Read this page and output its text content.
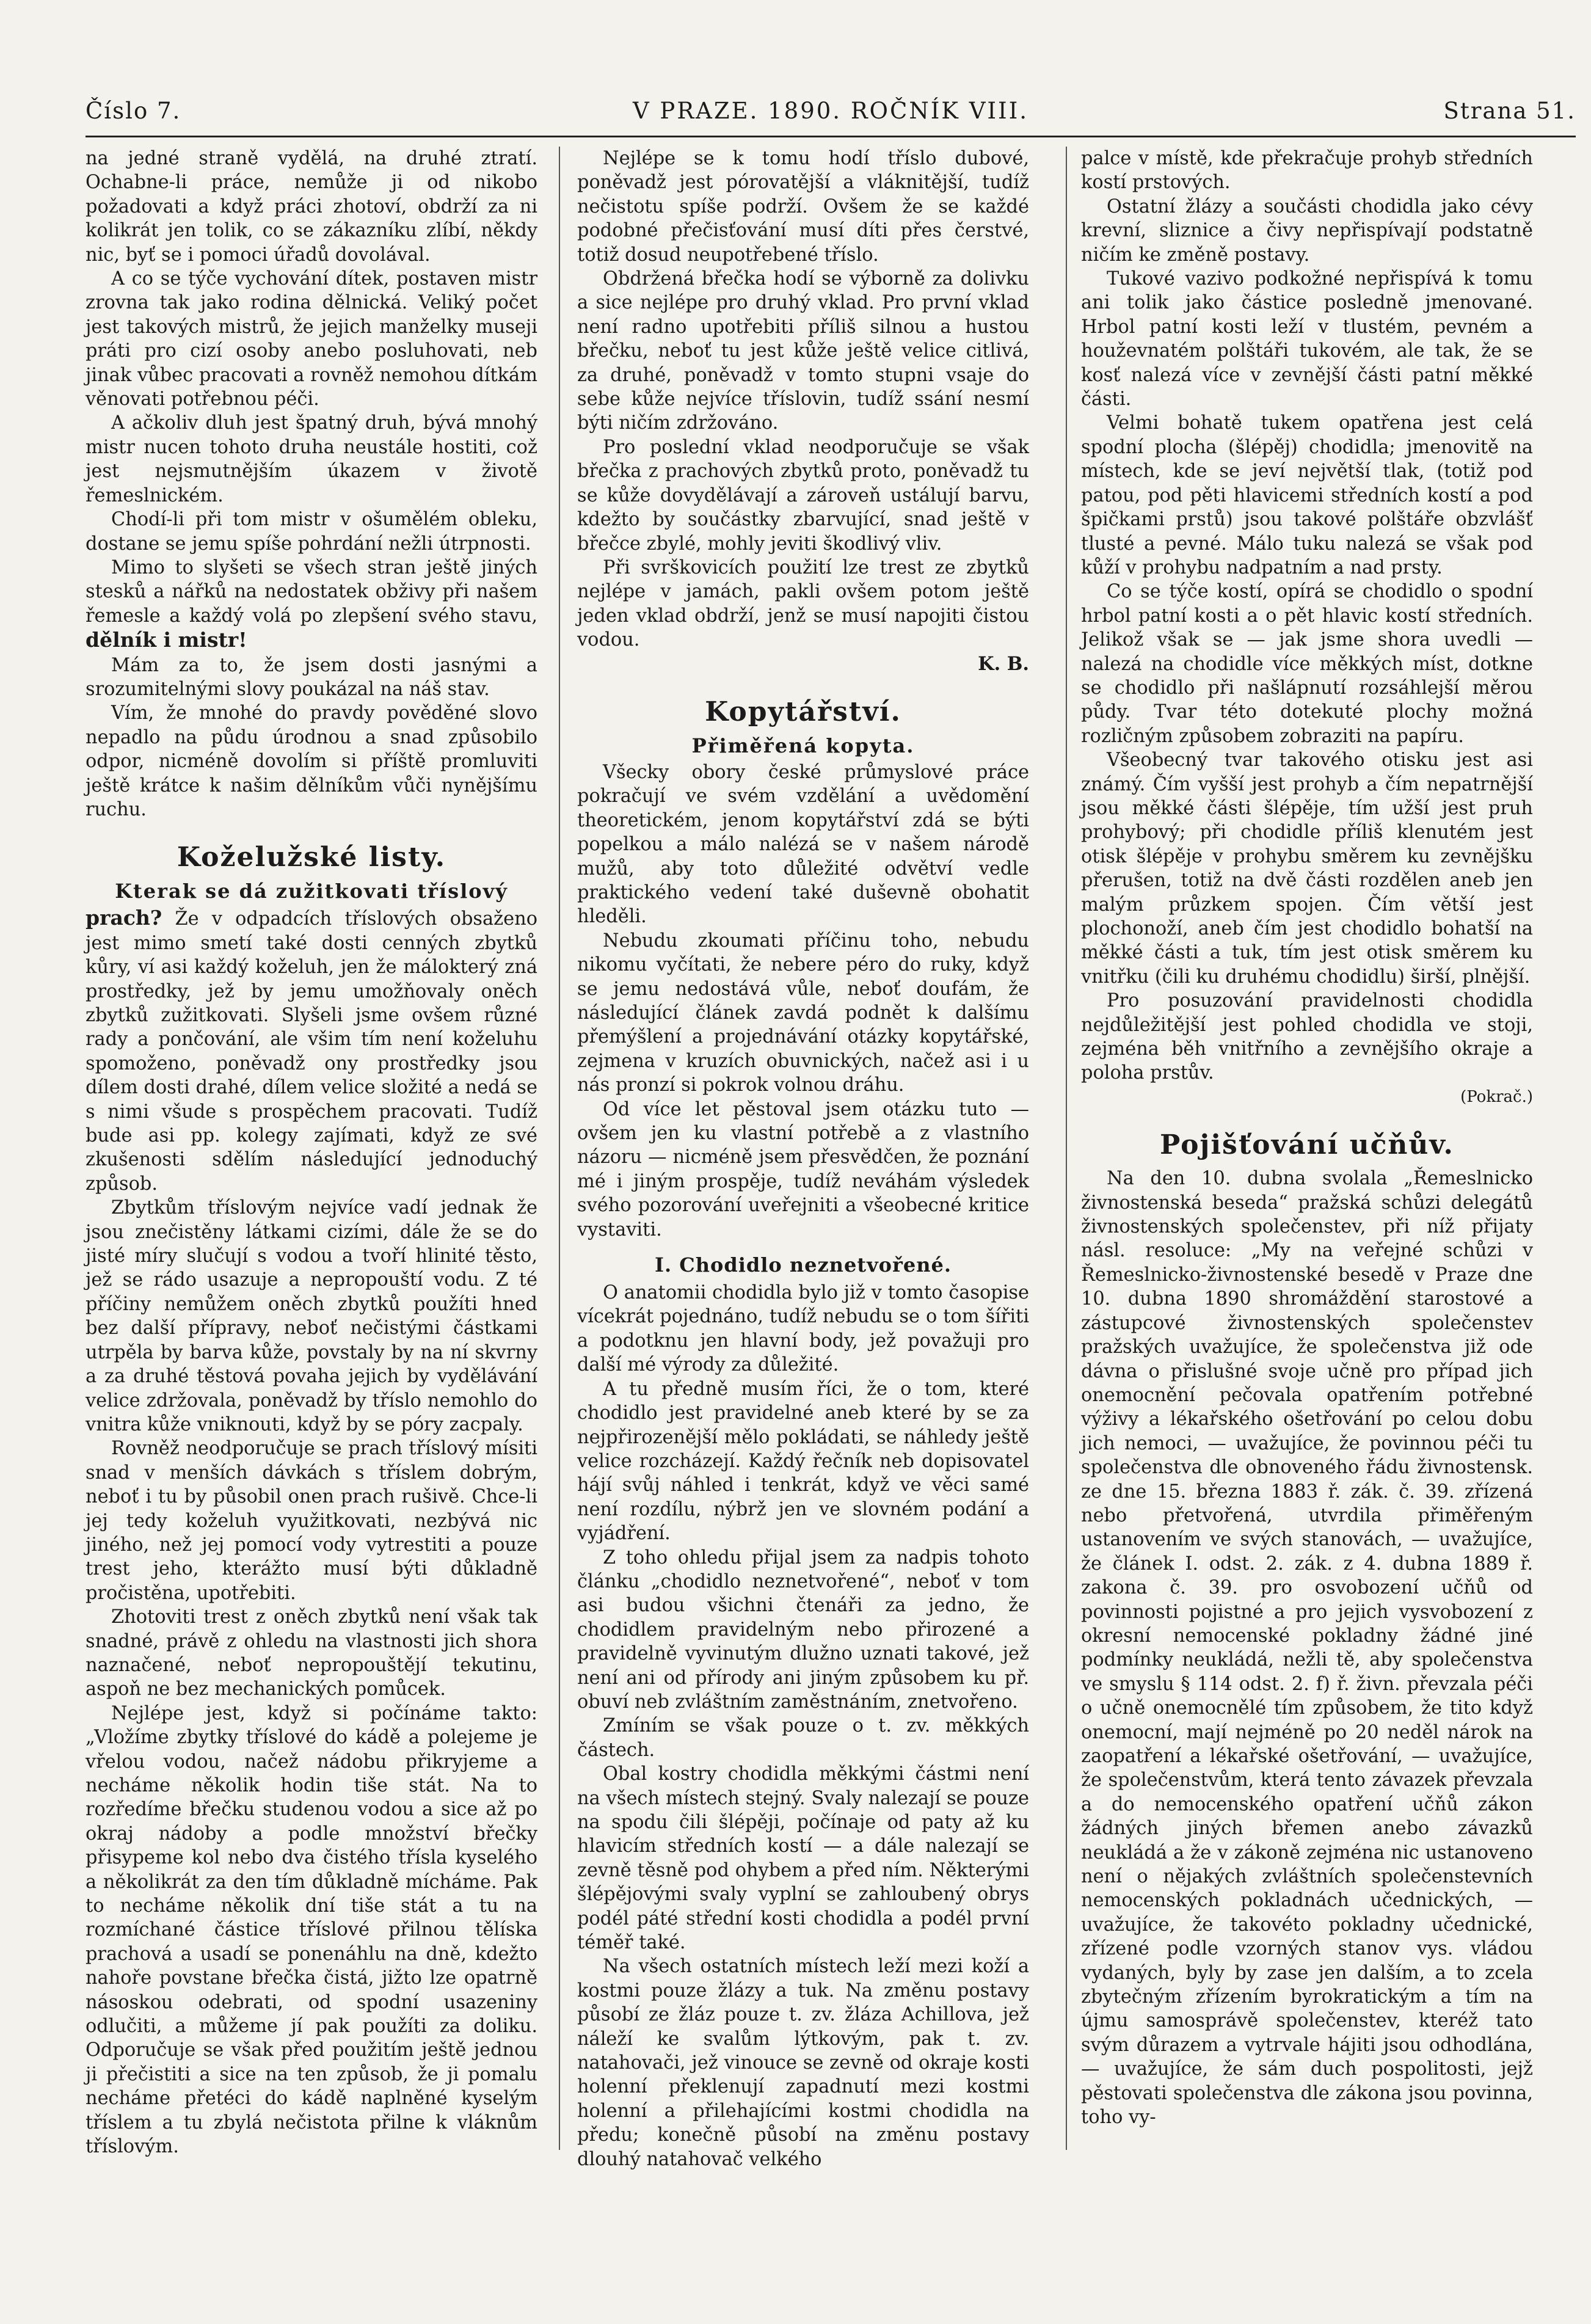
Číslo 7.	V PRAZE. 1890. ROČNÍK VIII.	Strana 51.

na jedné straně vydělá, na druhé ztratí. Ochabne-li práce, nemůže ji od nikobo požadovati a když práci zhotoví, obdrží za ni kolikrát jen tolik, co se zákazníku zlíbí, někdy nic, byť se i pomoci úřadů dovolával.

A co se týče vychování dítek, postaven mistr zrovna tak jako rodina dělnická. Veliký počet jest takových mistrů, že jejich manželky museji práti pro cizí osoby anebo posluhovati, neb jinak vůbec pracovati a rovněž nemohou dítkám věnovati potřebnou péči.

A ačkoliv dluh jest špatný druh, bývá mnohý mistr nucen tohoto druha neustále hostiti, což jest nejsmutnějším úkazem v životě řemeslnickém.

Chodí-li při tom mistr v ošumělém obleku, dostane se jemu spíše pohrdání nežli útrpnosti.

Mimo to slyšeti se všech stran ještě jiných stesků a nářků na nedostatek obživy při našem řemesle a každý volá po zlepšení svého stavu, dělník i mistr!

Mám za to, že jsem dosti jasnými a srozumitelnými slovy poukázal na náš stav.

Vím, že mnohé do pravdy pověděné slovo nepadlo na půdu úrodnou a snad způsobilo odpor, nicméně dovolím si příště promluviti ještě krátce k našim dělníkům vůči nynějšímu ruchu.

Koželužské listy.
Kterak se dá zužitkovati tříslový

prach? Že v odpadcích tříslových obsaženo jest mimo smetí také dosti cenných zbytků kůry, ví asi každý koželuh, jen že málokterý zná prostředky, jež by jemu umožňovaly oněch zbytků zužitkovati. Slyšeli jsme ovšem různé rady a pončování, ale všim tím není koželuhu spomoženo, poněvadž ony prostředky jsou dílem dosti drahé, dílem velice složité a nedá se s nimi všude s prospěchem pracovati. Tudíž bude asi pp. kolegy zajímati, když ze své zkušenosti sdělím následující jednoduchý způsob.

Zbytkům tříslovým nejvíce vadí jednak že jsou znečistěny látkami cizími, dále že se do jisté míry slučují s vodou a tvoří hlinité těsto, jež se rádo usazuje a nepropouští vodu. Z té příčiny nemůžem oněch zbytků použíti hned bez další přípravy, neboť nečistými částkami utrpěla by barva kůže, povstaly by na ní skvrny a za druhé těstová povaha jejich by vydělávání velice zdržovala, poněvadž by tříslo nemohlo do vnitra kůže vniknouti, když by se póry zacpaly.

Rovněž neodporučuje se prach tříslový mísiti snad v menších dávkách s tříslem dobrým, neboť i tu by působil onen prach rušivě. Chce-li jej tedy koželuh využitkovati, nezbývá nic jiného, než jej pomocí vody vytrestiti a pouze trest jeho, kterážto musí býti důkladně pročistěna, upotřebiti.

Zhotoviti trest z oněch zbytků není však tak snadné, právě z ohledu na vlastnosti jich shora naznačené, neboť nepropouštějí tekutinu, aspoň ne bez mechanických pomůcek.

Nejlépe jest, když si počínáme takto: „Vložíme zbytky tříslové do kádě a polejeme je vřelou vodou, načež nádobu přikryjeme a necháme několik hodin tiše stát. Na to rozředíme břečku studenou vodou a sice až po okraj nádoby a podle množství břečky přisypeme kol nebo dva čistého třísla kyselého a několikrát za den tím důkladně mícháme. Pak to necháme několik dní tiše stát a tu na rozmíchané částice tříslové přilnou tělíska prachová a usadí se ponenáhlu na dně, kdežto nahoře povstane břečka čistá, jižto lze opatrně násoskou odebrati, od spodní usazeniny odlučiti, a můžeme jí pak použíti za doliku. Odporučuje se však před použitím ještě jednou ji přečistiti a sice na ten způsob, že ji pomalu necháme přetéci do kádě naplněné kyselým tříslem a tu zbylá nečistota přilne k vláknům tříslovým.

Nejlépe se k tomu hodí tříslo dubové, poněvadž jest pórovatější a vláknitější, tudíž nečistotu spíše podrží. Ovšem že se každé podobné přečisťování musí díti přes čerstvé, totiž dosud neupotřebené tříslo.

Obdržená břečka hodí se výborně za dolivku a sice nejlépe pro druhý vklad. Pro první vklad není radno upotřebiti příliš silnou a hustou břečku, neboť tu jest kůže ještě velice citlivá, za druhé, poněvadž v tomto stupni vsaje do sebe kůže nejvíce tříslovin, tudíž ssání nesmí býti ničím zdržováno.

Pro poslední vklad neodporučuje se však břečka z prachových zbytků proto, poněvadž tu se kůže dovydělávají a zároveň ustálují barvu, kdežto by součástky zbarvující, snad ještě v břečce zbylé, mohly jeviti škodlivý vliv.

Při svrškovicích použití lze trest ze zbytků nejlépe v jamách, pakli ovšem potom ještě jeden vklad obdrží, jenž se musí napojiti čistou vodou.

K. B.

Kopytářství.
Přiměřená kopyta.

Všecky obory české průmyslové práce pokračují ve svém vzdělání a uvědomění theoretickém, jenom kopytářství zdá se býti popelkou a málo nalézá se v našem národě mužů, aby toto důležité odvětví vedle praktického vedení také duševně obohatit hleděli.

Nebudu zkoumati příčinu toho, nebudu nikomu vyčítati, že nebere péro do ruky, když se jemu nedostává vůle, neboť doufám, že následující článek zavdá podnět k dalšímu přemýšlení a projednávání otázky kopytářské, zejmena v kruzích obuvnických, načež asi i u nás pronzí si pokrok volnou dráhu.

Od více let pěstoval jsem otázku tuto — ovšem jen ku vlastní potřebě a z vlastního názoru — nicméně jsem přesvědčen, že poznání mé i jiným prospěje, tudíž neváhám výsledek svého pozorování uveřejniti a všeobecné kritice vystaviti.

I. Chodidlo neznetvořené.

O anatomii chodidla bylo již v tomto časopise vícekrát pojednáno, tudíž nebudu se o tom šířiti a podotknu jen hlavní body, jež považuji pro další mé výrody za důležité.

A tu předně musím říci, že o tom, které chodidlo jest pravidelné aneb které by se za nejpřirozenější mělo pokládati, se náhledy ještě velice rozcházejí. Každý řečník neb dopisovatel hájí svůj náhled i tenkrát, když ve věci samé není rozdílu, nýbrž jen ve slovném podání a vyjádření.

Z toho ohledu přijal jsem za nadpis tohoto článku „chodidlo neznetvořené“, neboť v tom asi budou všichni čtenáři za jedno, že chodidlem pravidelným nebo přirozené a pravidelně vyvinutým dlužno uznati takové, jež není ani od přírody ani jiným způsobem ku př. obuví neb zvláštním zaměstnáním, znetvořeno.

Zmíním se však pouze o t. zv. měkkých částech.

Obal kostry chodidla měkkými částmi není na všech místech stejný. Svaly nalezají se pouze na spodu čili šlépěji, počínaje od paty až ku hlavicím středních kostí — a dále nalezají se zevně těsně pod ohybem a před ním. Některými šlépějovými svaly vyplní se zahloubený obrys podél páté střední kosti chodidla a podél první téměř také.

Na všech ostatních místech leží mezi koží a kostmi pouze žlázy a tuk. Na změnu postavy působí ze žláz pouze t. zv. žláza Achillova, jež náleží ke svalům lýtkovým, pak t. zv. natahovači, jež vinouce se zevně od okraje kosti holenní překlenují zapadnutí mezi kostmi holenní a přilehajícími kostmi chodidla na předu; konečně působí na změnu postavy dlouhý natahovač velkého

palce v místě, kde překračuje prohyb středních kostí prstových.

Ostatní žlázy a součásti chodidla jako cévy krevní, sliznice a čivy nepřispívají podstatně ničím ke změně postavy.

Tukové vazivo podkožné nepřispívá k tomu ani tolik jako částice posledně jmenované. Hrbol patní kosti leží v tlustém, pevném a houževnatém polštáři tukovém, ale tak, že se kosť nalezá více v zevnější části patní měkké části.

Velmi bohatě tukem opatřena jest celá spodní plocha (šlépěj) chodidla; jmenovitě na místech, kde se jeví největší tlak, (totiž pod patou, pod pěti hlavicemi středních kostí a pod špičkami prstů) jsou takové polštáře obzvlášť tlusté a pevné. Málo tuku nalezá se však pod kůží v prohybu nadpatním a nad prsty.

Co se týče kostí, opírá se chodidlo o spodní hrbol patní kosti a o pět hlavic kostí středních. Jelikož však se — jak jsme shora uvedli — nalezá na chodidle více měkkých míst, dotkne se chodidlo při našlápnutí rozsáhlejší měrou půdy. Tvar této dotekuté plochy možná rozličným způsobem zobraziti na papíru.

Všeobecný tvar takového otisku jest asi známý. Čím vyšší jest prohyb a čím nepatrnější jsou měkké části šlépěje, tím užší jest pruh prohybový; při chodidle příliš klenutém jest otisk šlépěje v prohybu směrem ku zevnějšku přerušen, totiž na dvě části rozdělen aneb jen malým průzkem spojen. Čím větší jest plochonoží, aneb čím jest chodidlo bohatší na měkké části a tuk, tím jest otisk směrem ku vnitřku (čili ku druhému chodidlu) širší, plnější.

Pro posuzování pravidelnosti chodidla nejdůležitější jest pohled chodidla ve stoji, zejména běh vnitřního a zevnějšího okraje a poloha prstův.

(Pokrač.)

Pojišťování učňův.

Na den 10. dubna svolala „Řemeslnicko živnostenská beseda“ pražská schůzi delegátů živnostenských společenstev, při níž přijaty násl. resoluce: „My na veřejné schůzi v Řemeslnicko-živnostenské besedě v Praze dne 10. dubna 1890 shromáždění starostové a zástupcové živnostenských společenstev pražských uvažujíce, že společenstva již ode dávna o přislušné svoje učně pro případ jich onemocnění pečovala opatřením potřebné výživy a lékařského ošetřování po celou dobu jich nemoci, — uvažujíce, že povinnou péči tu společenstva dle obnoveného řádu živnostensk. ze dne 15. března 1883 ř. zák. č. 39. zřízená nebo přetvořená, utvrdila přiměřeným ustanovením ve svých stanovách, — uvažujíce, že článek I. odst. 2. zák. z 4. dubna 1889 ř. zakona č. 39. pro osvobození učňů od povinnosti pojistné a pro jejich vysvobození z okresní nemocenské pokladny žádné jiné podmínky neukládá, nežli tě, aby společenstva ve smyslu § 114 odst. 2. f) ř. živn. převzala péči o učně onemocnělé tím způsobem, že tito když onemocní, mají nejméně po 20 neděl nárok na zaopatření a lékařské ošetřování, — uvažujíce, že společenstvům, která tento závazek převzala a do nemocenského opatření učňů zákon žádných jiných břemen anebo závazků neukládá a že v zákoně zejména nic ustanoveno není o nějakých zvláštních společenstevních nemocenských pokladnách učednických, — uvažujíce, že takovéto pokladny učednické, zřízené podle vzorných stanov vys. vládou vydaných, byly by zase jen dalším, a to zcela zbytečným zřízením byrokratickým a tím na újmu samosprávě společenstev, kteréž tato svým důrazem a vytrvale hájiti jsou odhodlána, — uvažujíce, že sám duch pospolitosti, jejž pěstovati společenstva dle zákona jsou povinna, toho vy-
